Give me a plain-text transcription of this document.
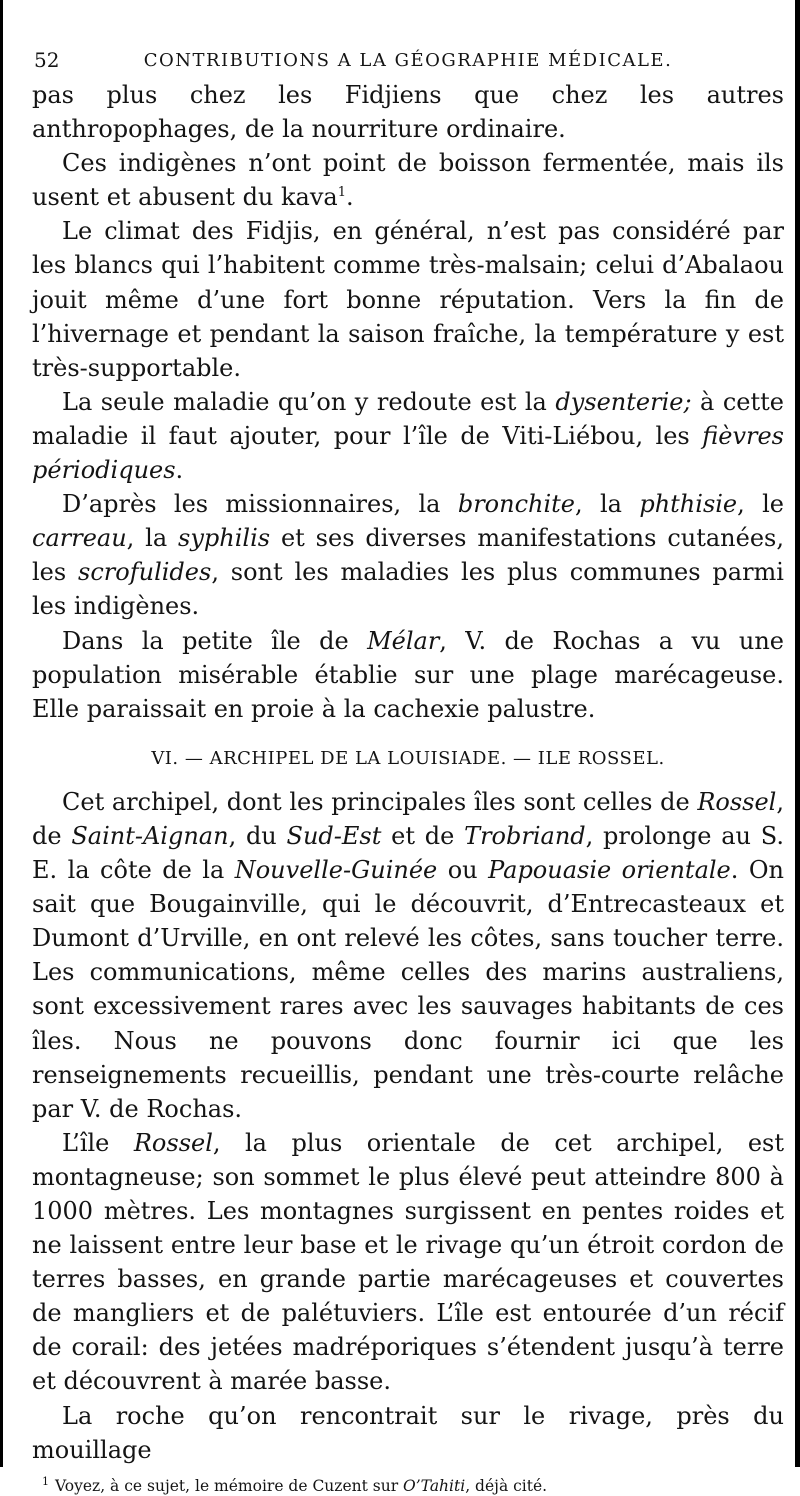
52	CONTRIBUTIONS A LA GÉOGRAPHIE MÉDICALE.

pas plus chez les Fidjiens que chez les autres anthropophages, de la nourriture ordinaire.

Ces indigènes n’ont point de boisson fermentée, mais ils usent et abusent du kava$^1$.

Le climat des Fidjis, en général, n’est pas considéré par les blancs qui l’habitent comme très-malsain; celui d’Abalaou jouit même d’une fort bonne réputation. Vers la fin de l’hivernage et pendant la saison fraîche, la température y est très-supportable.

La seule maladie qu’on y redoute est la dysenterie; à cette maladie il faut ajouter, pour l’île de Viti-Liébou, les fièvres périodiques.

D’après les missionnaires, la bronchite, la phthisie, le carreau, la syphilis et ses diverses manifestations cutanées, les scrofulides, sont les maladies les plus communes parmi les indigènes.

Dans la petite île de Mélar, V. de Rochas a vu une population misérable établie sur une plage marécageuse. Elle paraissait en proie à la cachexie palustre.

VI. — ARCHIPEL DE LA LOUISIADE. — ILE ROSSEL.

Cet archipel, dont les principales îles sont celles de Rossel, de Saint-Aignan, du Sud-Est et de Trobriand, prolonge au S. E. la côte de la Nouvelle-Guinée ou Papouasie orientale. On sait que Bougainville, qui le découvrit, d’Entrecasteaux et Dumont d’Urville, en ont relevé les côtes, sans toucher terre. Les communications, même celles des marins australiens, sont excessivement rares avec les sauvages habitants de ces îles. Nous ne pouvons donc fournir ici que les renseignements recueillis, pendant une très-courte relâche par V. de Rochas.

L’île Rossel, la plus orientale de cet archipel, est montagneuse; son sommet le plus élevé peut atteindre 800 à 1000 mètres. Les montagnes surgissent en pentes roides et ne laissent entre leur base et le rivage qu’un étroit cordon de terres basses, en grande partie marécageuses et couvertes de mangliers et de palétuviers. L’île est entourée d’un récif de corail: des jetées madréporiques s’étendent jusqu’à terre et découvrent à marée basse.

La roche qu’on rencontrait sur le rivage, près du mouillage

$^1$ Voyez, à ce sujet, le mémoire de Cuzent sur O’Tahiti, déjà cité.
